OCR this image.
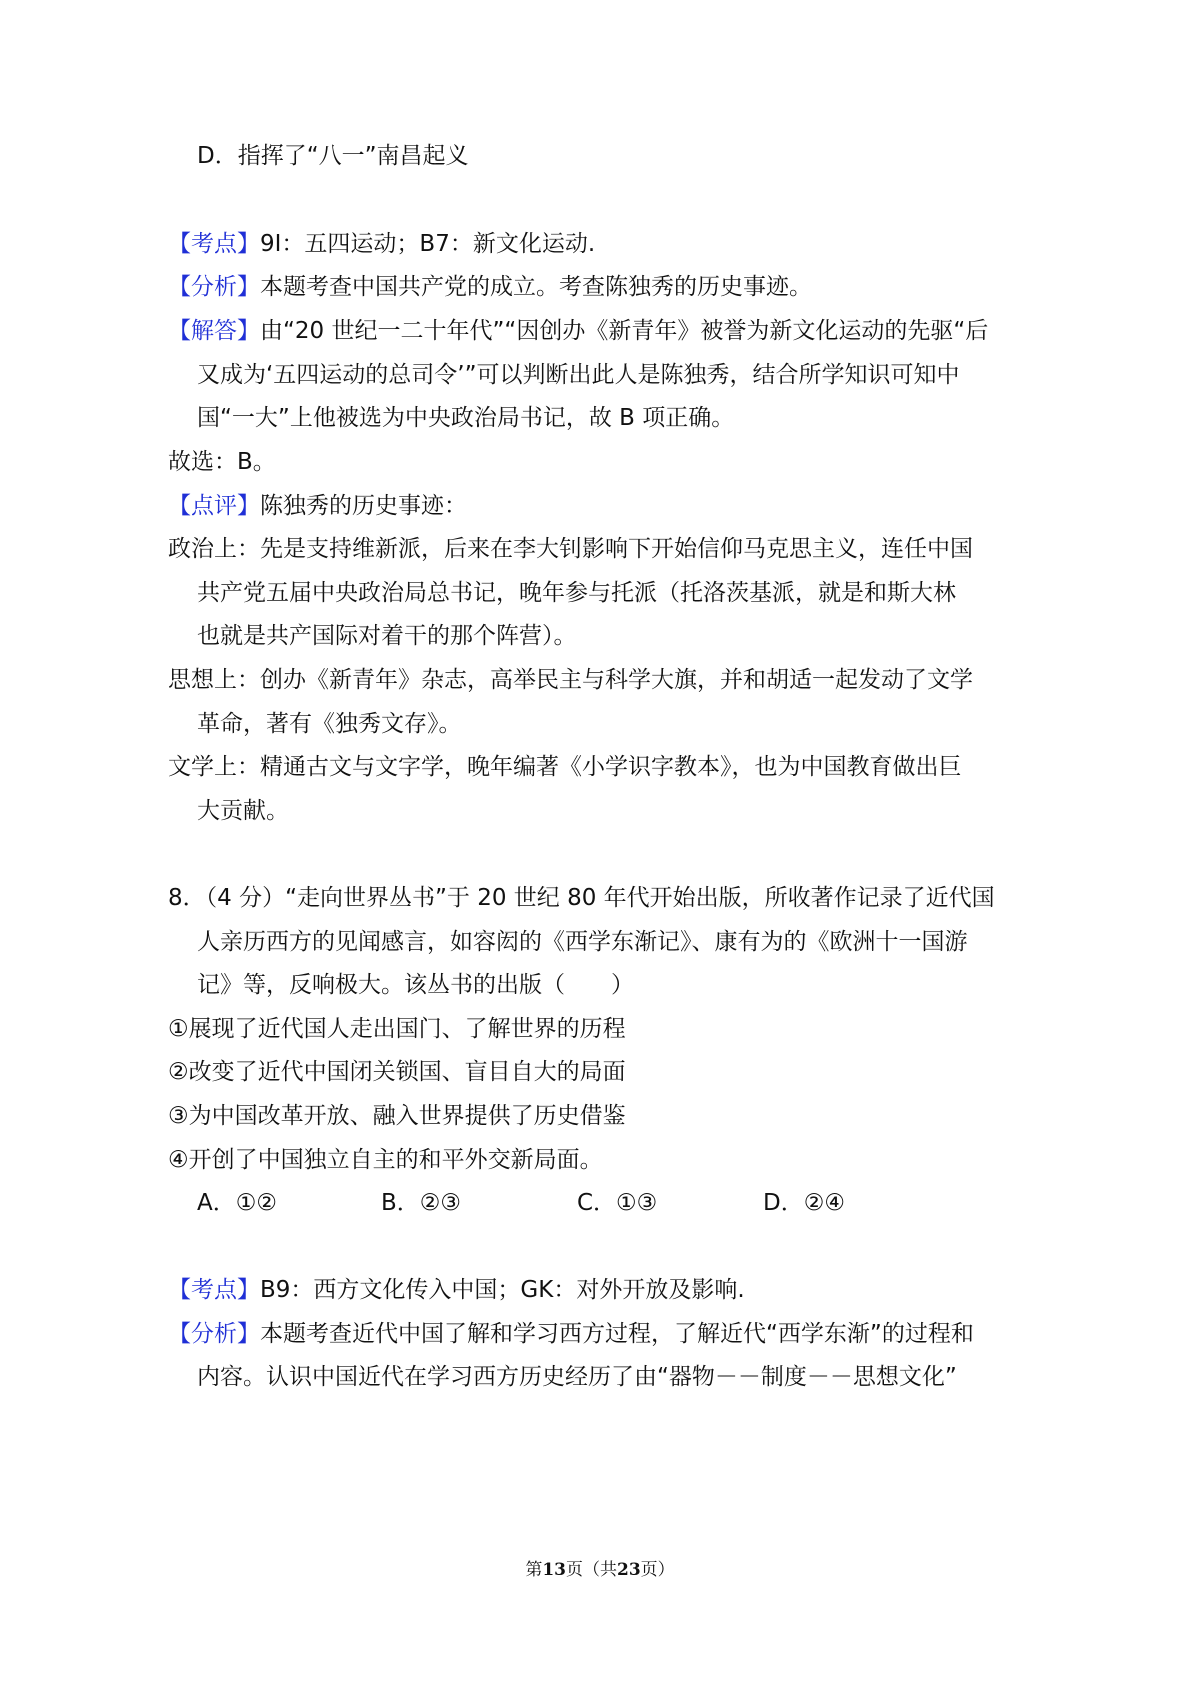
D．指挥了“八一”南昌起义
【考点】9I：五四运动；B7：新文化运动.
【分析】本题考查中国共产党的成立。考查陈独秀的历史事迹。
【解答】由“20 世纪一二十年代”“因创办《新青年》被誉为新文化运动的先驱“后
又成为‘五四运动的总司令’”可以判断出此人是陈独秀，结合所学知识可知中
国“一大”上他被选为中央政治局书记，故 B 项正确。
故选：B。
【点评】陈独秀的历史事迹：
政治上：先是支持维新派，后来在李大钊影响下开始信仰马克思主义，连任中国
共产党五届中央政治局总书记，晚年参与托派（托洛茨基派，就是和斯大林
也就是共产国际对着干的那个阵营）。
思想上：创办《新青年》杂志，高举民主与科学大旗，并和胡适一起发动了文学
革命，著有《独秀文存》。
文学上：精通古文与文字学，晚年编著《小学识字教本》，也为中国教育做出巨
大贡献。
8．（4 分）“走向世界丛书”于 20 世纪 80 年代开始出版，所收著作记录了近代国
人亲历西方的见闻感言，如容闳的《西学东渐记》、康有为的《欧洲十一国游
记》等，反响极大。该丛书的出版（　　）
①展现了近代国人走出国门、了解世界的历程
②改变了近代中国闭关锁国、盲目自大的局面
③为中国改革开放、融入世界提供了历史借鉴
④开创了中国独立自主的和平外交新局面。
A．①②	B．②③	C．①③	D．②④
【考点】B9：西方文化传入中国；GK：对外开放及影响.
【分析】本题考查近代中国了解和学习西方过程，了解近代“西学东渐”的过程和
内容。认识中国近代在学习西方历史经历了由“器物－－制度－－思想文化”
第13页（共23页）
